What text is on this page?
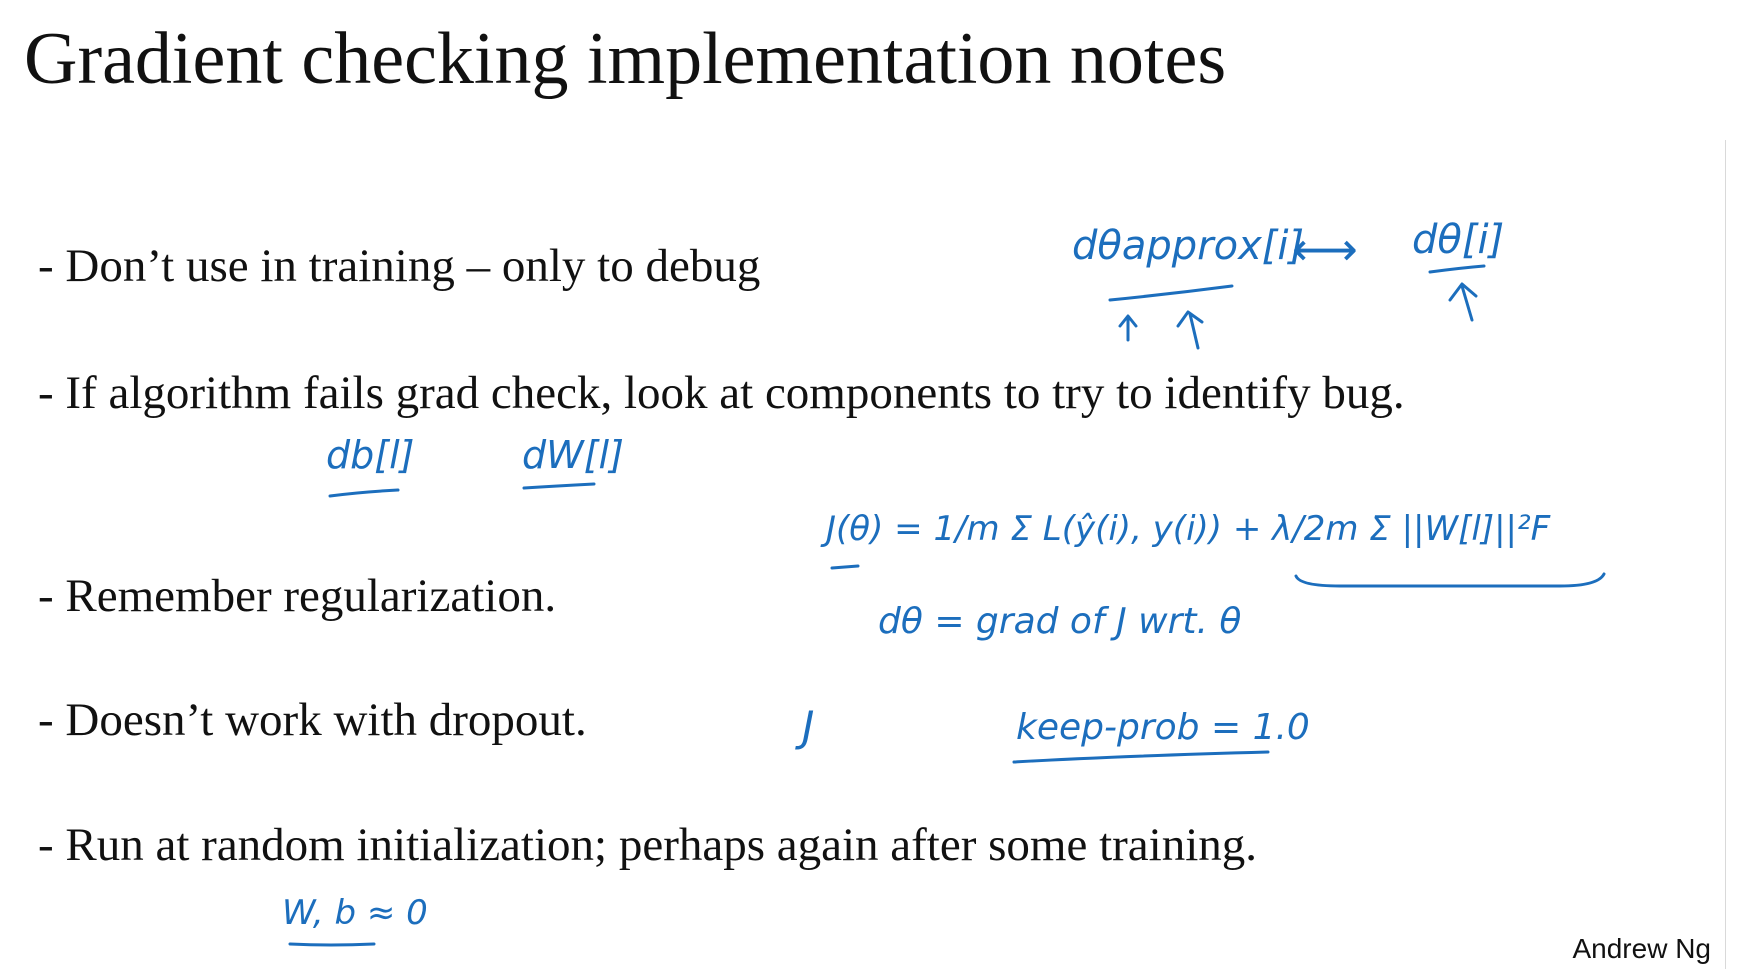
Gradient checking implementation notes
- Don’t use in training – only to debug
- If algorithm fails grad check, look at components to try to identify bug.
- Remember regularization.
- Doesn’t work with dropout.
- Run at random initialization; perhaps again after some training.
dθapprox[i]
⟷ dθ[i]
db[l]	dW[l]
J(θ) = 1/m Σ L(ŷ(i), y(i)) + λ/2m Σ ||W[l]||²F
dθ = grad of J wrt. θ
J	keep-prob = 1.0
W, b ≈ 0
Andrew Ng
